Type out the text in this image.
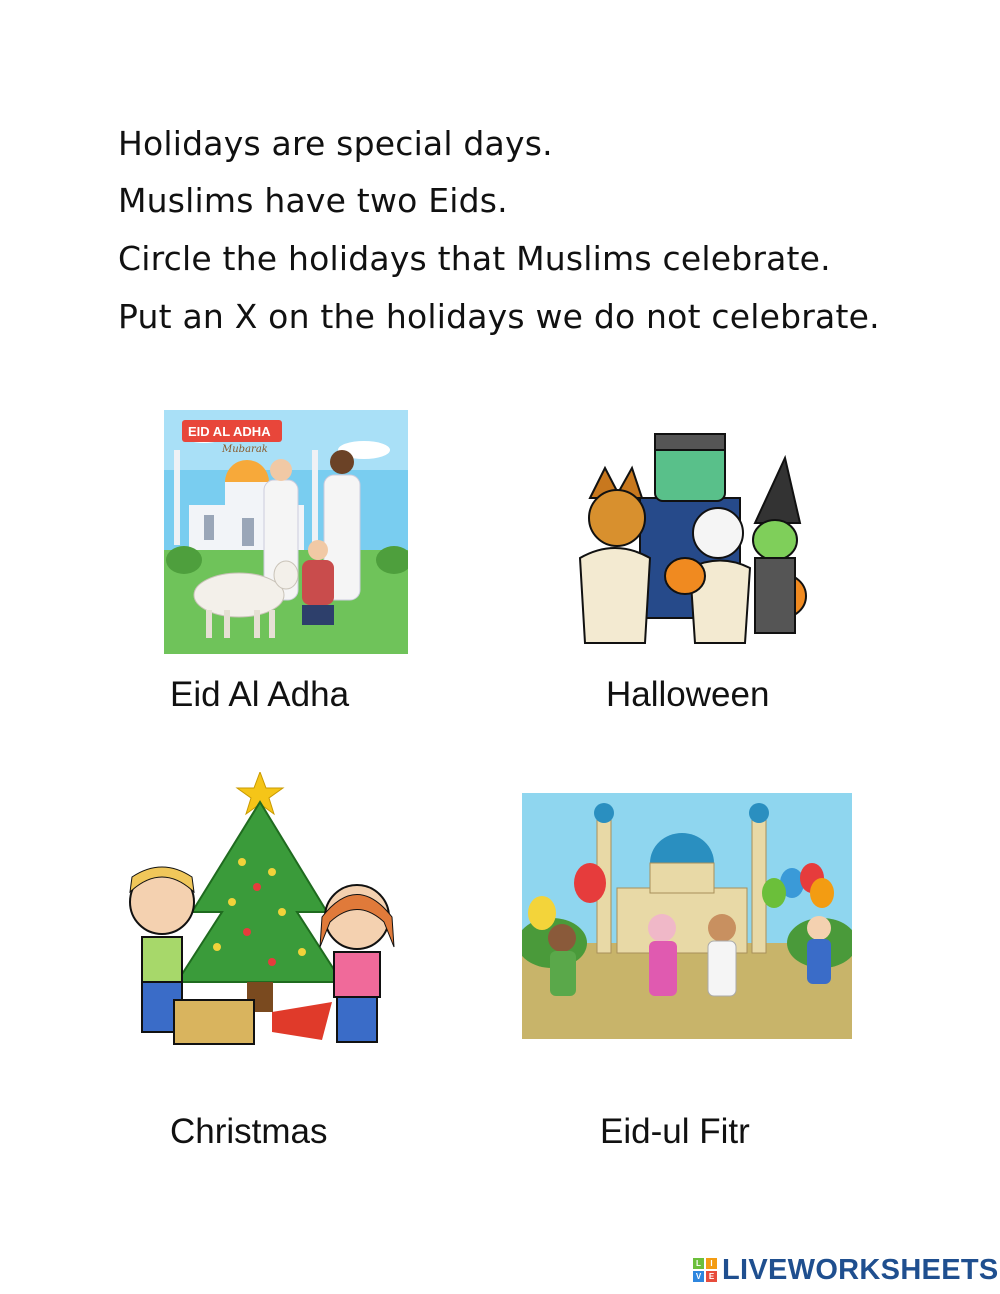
Holidays are special days.
Muslims have two Eids.
Circle the holidays that Muslims celebrate.
Put an X on the holidays we do not celebrate.
EID AL ADHA
Mubarak
Eid Al Adha	Halloween
Christmas	Eid-ul Fitr
L	I
V E LIVEWORKSHEETS
